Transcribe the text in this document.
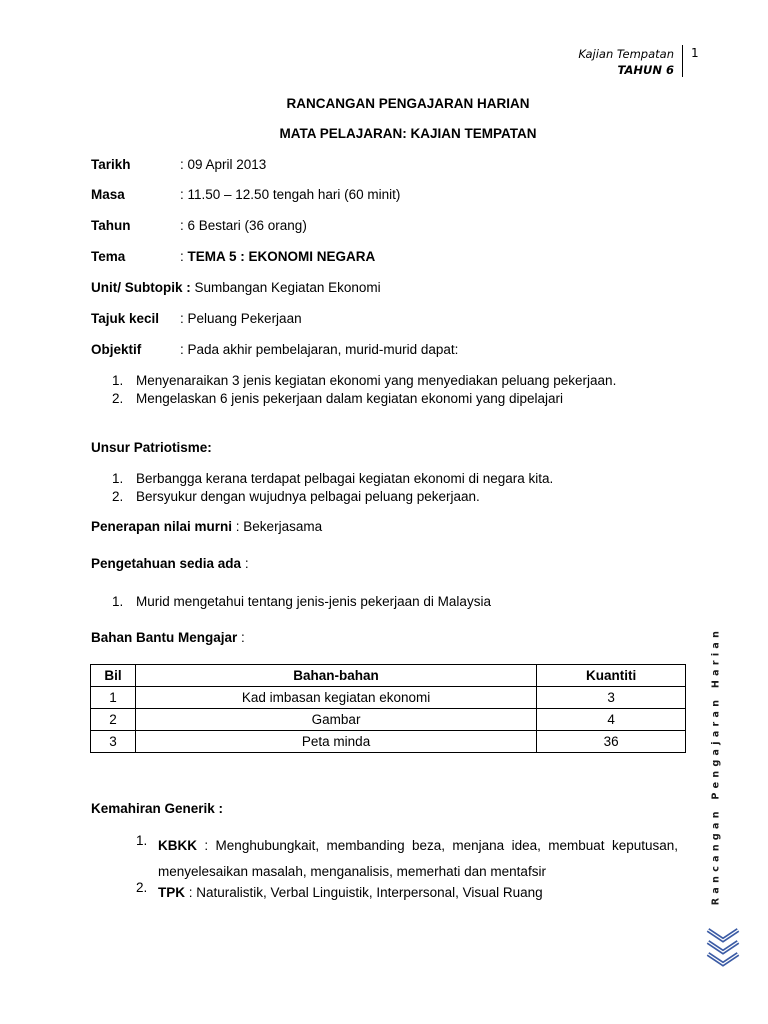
Kajian Tempatan
TAHUN 6
1
RANCANGAN PENGAJARAN HARIAN
MATA PELAJARAN: KAJIAN TEMPATAN
Tarikh	: 09 April 2013
Masa	: 11.50 – 12.50 tengah hari (60 minit)
Tahun	: 6 Bestari (36 orang)
Tema	: TEMA 5 : EKONOMI NEGARA
Unit/ Subtopik : Sumbangan Kegiatan Ekonomi
Tajuk kecil : Peluang Pekerjaan
Objektif	: Pada akhir pembelajaran, murid-murid dapat:
1. Menyenaraikan 3 jenis kegiatan ekonomi yang menyediakan peluang pekerjaan.
2. Mengelaskan 6 jenis pekerjaan dalam kegiatan ekonomi yang dipelajari
Unsur Patriotisme:
1. Berbangga kerana terdapat pelbagai kegiatan ekonomi di negara kita.
2. Bersyukur dengan wujudnya pelbagai peluang pekerjaan.
Penerapan nilai murni : Bekerjasama
Pengetahuan sedia ada :
1. Murid mengetahui tentang jenis-jenis pekerjaan di Malaysia
Bahan Bantu Mengajar :
Bil	Bahan-bahan	Kuantiti
1	Kad imbasan kegiatan ekonomi	3
2	Gambar	4
3	Peta minda	36
Kemahiran Generik :
1. KBKK : Menghubungkait, membanding beza, menjana idea, membuat keputusan, menyelesaikan masalah, menganalisis, memerhati dan mentafsir
2. TPK : Naturalistik, Verbal Linguistik, Interpersonal, Visual Ruang	Rancangan Pengajaran Harian
